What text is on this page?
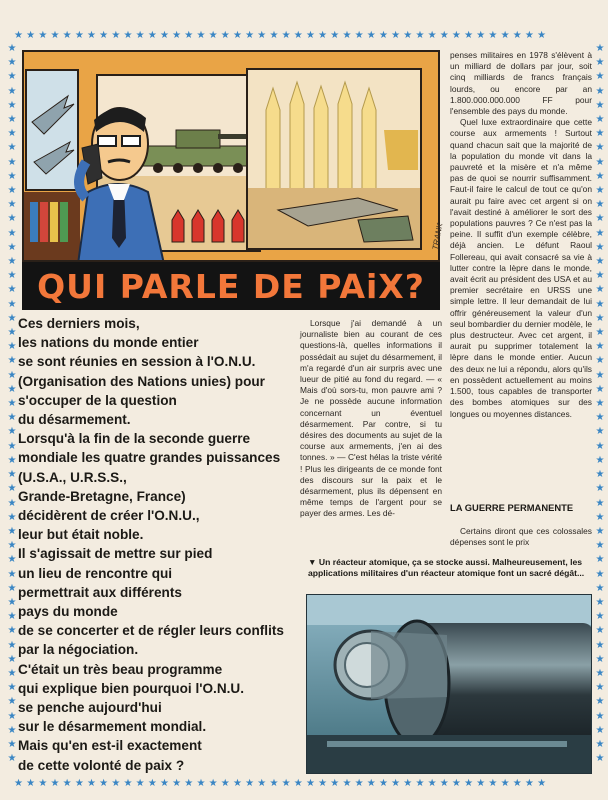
★★★★★★★★★★★★★★★★★★★★★★★★★★★★★★★★★★★★★★★★★★★★
★★★★★★★★★★★★★★★★★★★★★★★★★★★★★★★★★★★★★★★★★★★★
★
★
★
★
★
★
★
★
★
★
★
★
★
★
★
★
★
★
★
★
★
★
★
★
★
★
★
★
★
★
★
★
★
★
★
★
★
★
★
★
★
★
★
★
★
★
★
★
★
★
★
★
★
★
★
★
★
★
★
★
★
★
★
★
★
★
★
★
★
★
★
★
★
★
★
★
★
★
★
★
★
★
★
★
★
★
★
★
★
★
★
★
★
★
★
★
★
★
★
★
★
★
TRANK
QUI PARLE DE PAiX?
Ces derniers mois,
les nations du monde entier
se sont réunies en session à l'O.N.U.
(Organisation des Nations unies) pour
s'occuper de la question
du désarmement.
Lorsqu'à la fin de la seconde guerre
mondiale les quatre grandes puissances
(U.S.A., U.R.S.S.,
Grande-Bretagne, France)
décidèrent de créer l'O.N.U.,
leur but était noble.
Il s'agissait de mettre sur pied
un lieu de rencontre qui
permettrait aux différents
pays du monde
de se concerter et de régler leurs conflits
par la négociation.
C'était un très beau programme
qui explique bien pourquoi l'O.N.U.
se penche aujourd'hui
sur le désarmement mondial.
Mais qu'en est-il exactement
de cette volonté de paix ?

Lorsque j'ai demandé à un journaliste bien au courant de ces questions-là, quelles informations il possédait au sujet du désarmement, il m'a regardé d'un air surpris avec une lueur de pitié au fond du regard. — « Mais d'où sors-tu, mon pauvre ami ? Je ne possède aucune information concernant un éventuel désarmement. Par contre, si tu désires des documents au sujet de la course aux armements, j'en ai des tonnes. » — C'est hélas la triste vérité ! Plus les dirigeants de ce monde font des discours sur la paix et le désarmement, plus ils dépensent en même temps de l'argent pour se payer des armes. Les dé-

penses militaires en 1978 s'élèvent à un milliard de dollars par jour, soit cinq milliards de francs français lourds, ou encore par an 1.800.000.000.000 FF pour l'ensemble des pays du monde.

Quel luxe extraordinaire que cette course aux armements ! Surtout quand chacun sait que la majorité de la population du monde vit dans la pauvreté et la misère et n'a même pas de quoi se nourrir suffisamment. Faut-il faire le calcul de tout ce qu'on aurait pu faire avec cet argent si on l'avait destiné à améliorer le sort des populations pauvres ? Ce n'est pas la peine. Il suffit d'un exemple célèbre, déjà ancien. Le défunt Raoul Follereau, qui avait consacré sa vie à lutter contre la lèpre dans le monde, avait écrit au président des USA et au premier secrétaire en URSS une simple lettre. Il leur demandait de lui offrir généreusement la valeur d'un seul bombardier du dernier modèle, le plus destructeur. Avec cet argent, il aurait pu supprimer totalement la lèpre dans le monde entier. Aucun des deux ne lui a répondu, alors qu'ils en possèdent actuellement au moins 1.500, tous capables de transporter des bombes atomiques sur des longues ou moyennes distances.

LA GUERRE PERMANENTE

Certains diront que ces colossales dépenses sont le prix

▼ Un réacteur atomique, ça se stocke aussi. Malheureusement, les applications militaires d'un réacteur atomique font un sacré dégât...
